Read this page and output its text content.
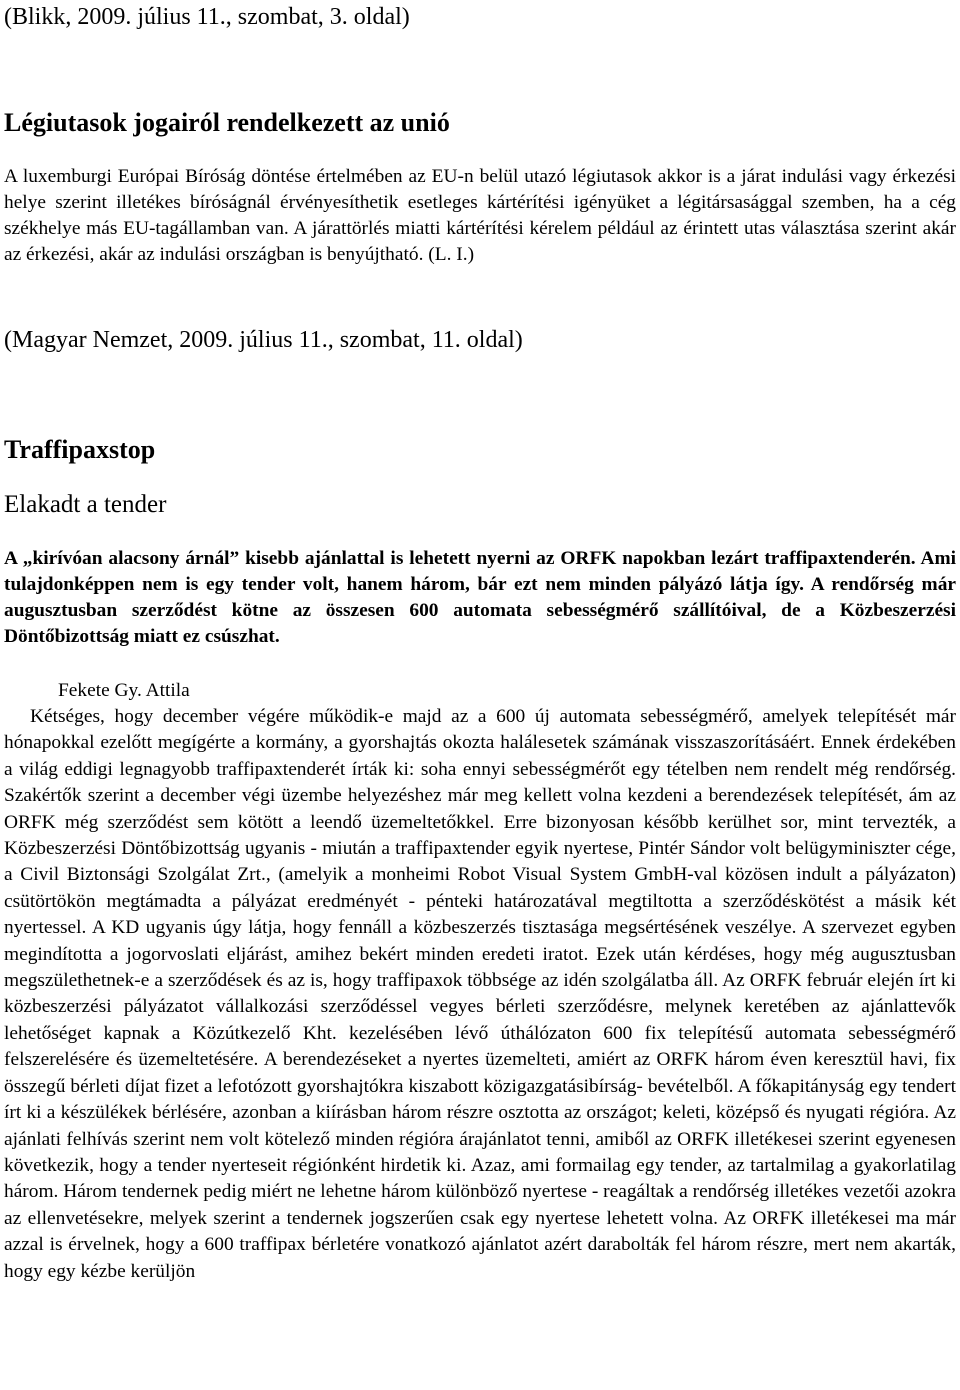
(Blikk, 2009. július 11., szombat, 3. oldal)
Légiutasok jogairól rendelkezett az unió
A luxemburgi Európai Bíróság döntése értelmében az EU-n belül utazó légiutasok akkor is a járat indulási vagy érkezési helye szerint illetékes bíróságnál érvényesíthetik esetleges kártérítési igényüket a légitársasággal szemben, ha a cég székhelye más EU-tagállamban van. A járattörlés miatti kártérítési kérelem például az érintett utas választása szerint akár az érkezési, akár az indulási országban is benyújtható. (L. I.)
(Magyar Nemzet, 2009. július 11., szombat, 11. oldal)
Traffipaxstop
Elakadt a tender
A „kirívóan alacsony árnál” kisebb ajánlattal is lehetett nyerni az ORFK napokban lezárt traffipaxtenderén. Ami tulajdonképpen nem is egy tender volt, hanem három, bár ezt nem minden pályázó látja így. A rendőrség már augusztusban szerződést kötne az összesen 600 automata sebességmérő szállítóival, de a Közbeszerzési Döntőbizottság miatt ez csúszhat.
Fekete Gy. Attila
Kétséges, hogy december végére működik-e majd az a 600 új automata sebességmérő, amelyek telepítését már hónapokkal ezelőtt megígérte a kormány, a gyorshajtás okozta halálesetek számának visszaszorításáért. Ennek érdekében a világ eddigi legnagyobb traffipaxtenderét írták ki: soha ennyi sebességmérőt egy tételben nem rendelt még rendőrség. Szakértők szerint a december végi üzembe helyezéshez már meg kellett volna kezdeni a berendezések telepítését, ám az ORFK még szerződést sem kötött a leendő üzemeltetőkkel. Erre bizonyosan később kerülhet sor, mint tervezték, a Közbeszerzési Döntőbizottság ugyanis - miután a traffipaxtender egyik nyertese, Pintér Sándor volt belügyminiszter cége, a Civil Biztonsági Szolgálat Zrt., (amelyik a monheimi Robot Visual System GmbH-val közösen indult a pályázaton) csütörtökön megtámadta a pályázat eredményét - pénteki határozatával megtiltotta a szerződéskötést a másik két nyertessel. A KD ugyanis úgy látja, hogy fennáll a közbeszerzés tisztasága megsértésének veszélye. A szervezet egyben megindította a jogorvoslati eljárást, amihez bekért minden eredeti iratot. Ezek után kérdéses, hogy még augusztusban megszülethetnek-e a szerződések és az is, hogy traffipaxok többsége az idén szolgálatba áll. Az ORFK február elején írt ki közbeszerzési pályázatot vállalkozási szerződéssel vegyes bérleti szerződésre, melynek keretében az ajánlattevők lehetőséget kapnak a Közútkezelő Kht. kezelésében lévő úthálózaton 600 fix telepítésű automata sebességmérő felszerelésére és üzemeltetésére. A berendezéseket a nyertes üzemelteti, amiért az ORFK három éven keresztül havi, fix összegű bérleti díjat fizet a lefotózott gyorshajtókra kiszabott közigazgatásibírság- bevételből. A főkapitányság egy tendert írt ki a készülékek bérlésére, azonban a kiírásban három részre osztotta az országot; keleti, középső és nyugati régióra. Az ajánlati felhívás szerint nem volt kötelező minden régióra árajánlatot tenni, amiből az ORFK illetékesei szerint egyenesen következik, hogy a tender nyerteseit régiónként hirdetik ki. Azaz, ami formailag egy tender, az tartalmilag a gyakorlatilag három. Három tendernek pedig miért ne lehetne három különböző nyertese - reagáltak a rendőrség illetékes vezetői azokra az ellenvetésekre, melyek szerint a tendernek jogszerűen csak egy nyertese lehetett volna. Az ORFK illetékesei ma már azzal is érvelnek, hogy a 600 traffipax bérletére vonatkozó ajánlatot azért darabolták fel három részre, mert nem akarták, hogy egy kézbe kerüljön
